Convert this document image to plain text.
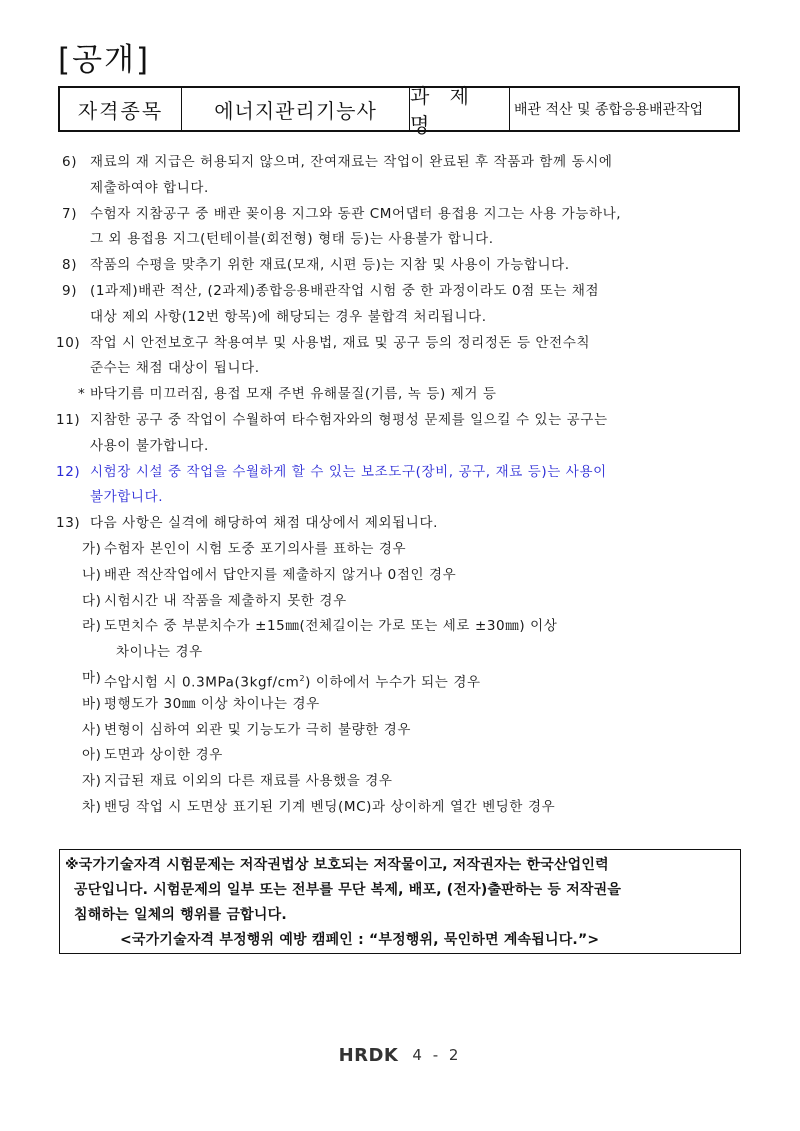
[공개]
자격종목	에너지관리기능사
과 제 명
배관 적산 및 종합응용배관작업
6) 재료의 재 지급은 허용되지 않으며, 잔여재료는 작업이 완료된 후 작품과 함께 동시에
제출하여야 합니다.
7) 수험자 지참공구 중 배관 꽂이용 지그와 동관 CM어댑터 용접용 지그는 사용 가능하나,
그 외 용접용 지그(턴테이블(회전형) 형태 등)는 사용불가 합니다.
8) 작품의 수평을 맞추기 위한 재료(모재, 시편 등)는 지참 및 사용이 가능합니다.
9) (1과제)배관 적산, (2과제)종합응용배관작업 시험 중 한 과정이라도 0점 또는 채점
대상 제외 사항(12번 항목)에 해당되는 경우 불합격 처리됩니다.
10) 작업 시 안전보호구 착용여부 및 사용법, 재료 및 공구 등의 정리정돈 등 안전수칙
준수는 채점 대상이 됩니다.
* 바닥기름 미끄러짐, 용접 모재 주변 유해물질(기름, 녹 등) 제거 등
11) 지참한 공구 중 작업이 수월하여 타수험자와의 형평성 문제를 일으킬 수 있는 공구는
사용이 불가합니다.
12) 시험장 시설 중 작업을 수월하게 할 수 있는 보조도구(장비, 공구, 재료 등)는 사용이
불가합니다.
13) 다음 사항은 실격에 해당하여 채점 대상에서 제외됩니다.
가) 수험자 본인이 시험 도중 포기의사를 표하는 경우
나) 배관 적산작업에서 답안지를 제출하지 않거나 0점인 경우
다) 시험시간 내 작품을 제출하지 못한 경우
라) 도면치수 중 부분치수가 ±15㎜(전체길이는 가로 또는 세로 ±30㎜) 이상
차이나는 경우
마) 수압시험 시 $0.3MPa(3kgf/cm^2)$ 이하에서 누수가 되는 경우
바) 평행도가 30㎜ 이상 차이나는 경우
사) 변형이 심하여 외관 및 기능도가 극히 불량한 경우
아) 도면과 상이한 경우
자) 지급된 재료 이외의 다른 재료를 사용했을 경우
차) 밴딩 작업 시 도면상 표기된 기계 벤딩(MC)과 상이하게 열간 벤딩한 경우
※국가기술자격 시험문제는 저작권법상 보호되는 저작물이고, 저작권자는 한국산업인력
공단입니다. 시험문제의 일부 또는 전부를 무단 복제, 배포, (전자)출판하는 등 저작권을
침해하는 일체의 행위를 금합니다.
<국가기술자격 부정행위 예방 캠페인 : “부정행위, 묵인하면 계속됩니다.”>
HRDK 4 - 2
